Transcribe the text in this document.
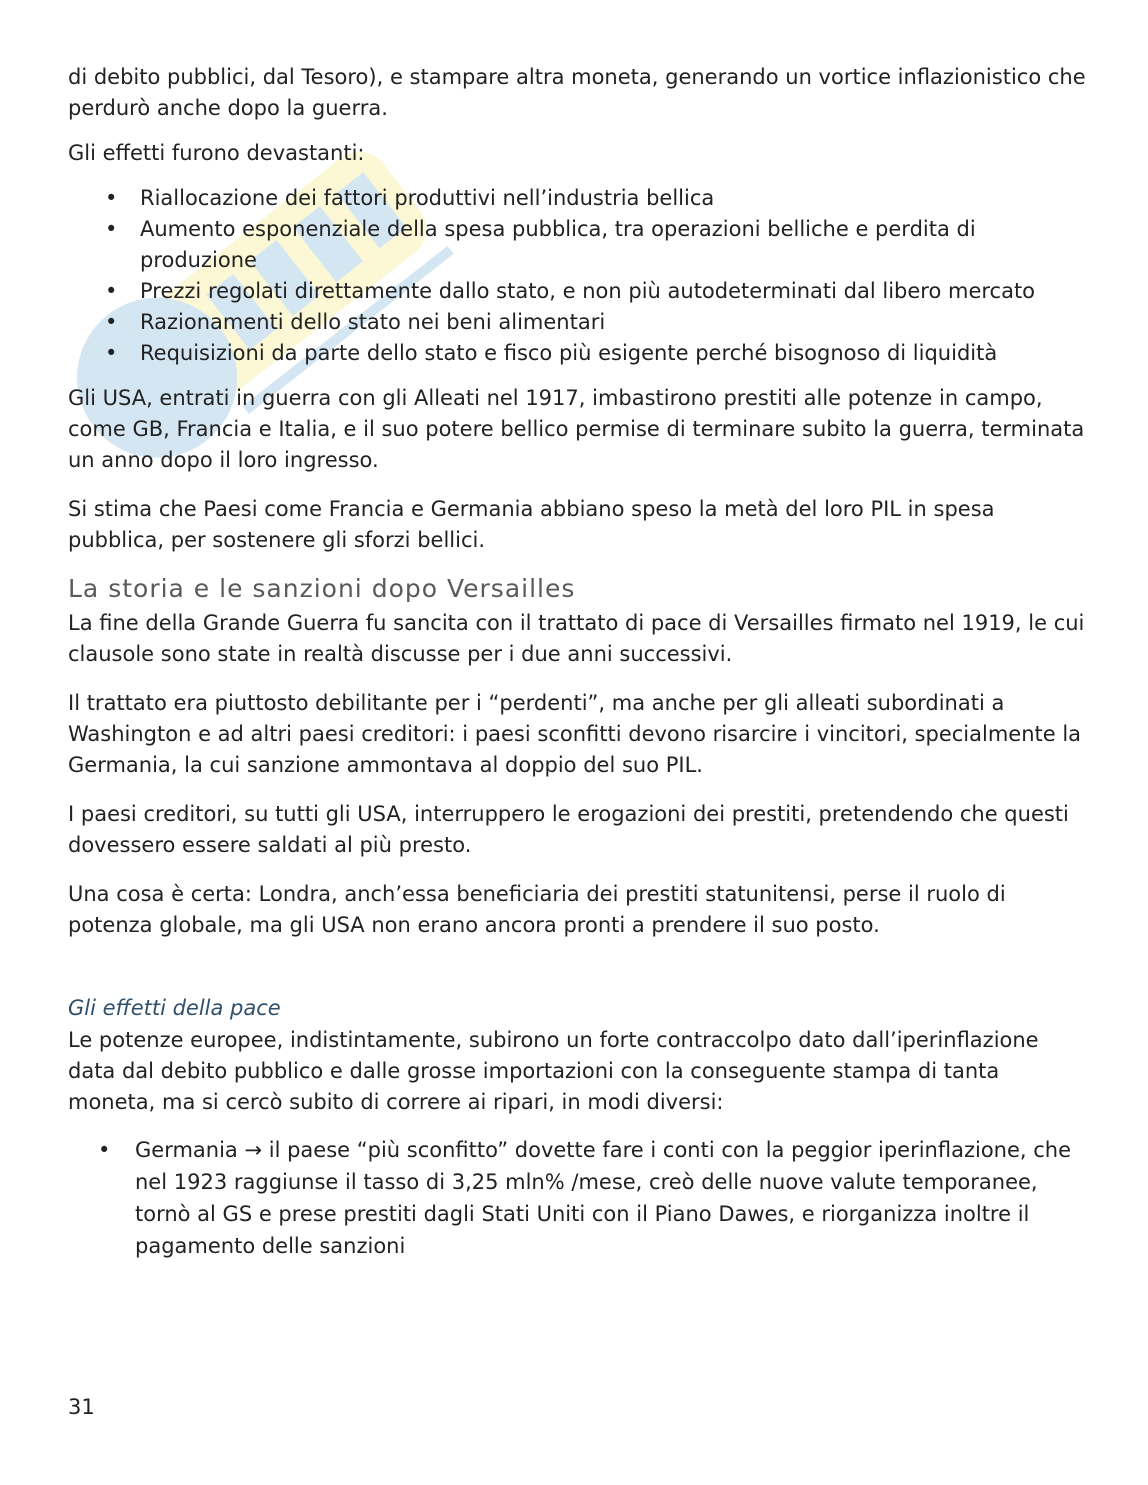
di debito pubblici, dal Tesoro), e stampare altra moneta, generando un vortice inflazionistico che perdurò anche dopo la guerra.

Gli effetti furono devastanti:

• Riallocazione dei fattori produttivi nell’industria bellica
• Aumento esponenziale della spesa pubblica, tra operazioni belliche e perdita di produzione
• Prezzi regolati direttamente dallo stato, e non più autodeterminati dal libero mercato
• Razionamenti dello stato nei beni alimentari
• Requisizioni da parte dello stato e fisco più esigente perché bisognoso di liquidità

Gli USA, entrati in guerra con gli Alleati nel 1917, imbastirono prestiti alle potenze in campo, come GB, Francia e Italia, e il suo potere bellico permise di terminare subito la guerra, terminata un anno dopo il loro ingresso.

Si stima che Paesi come Francia e Germania abbiano speso la metà del loro PIL in spesa pubblica, per sostenere gli sforzi bellici.

La storia e le sanzioni dopo Versailles

La fine della Grande Guerra fu sancita con il trattato di pace di Versailles firmato nel 1919, le cui clausole sono state in realtà discusse per i due anni successivi.

Il trattato era piuttosto debilitante per i “perdenti”, ma anche per gli alleati subordinati a Washington e ad altri paesi creditori: i paesi sconfitti devono risarcire i vincitori, specialmente la Germania, la cui sanzione ammontava al doppio del suo PIL.

I paesi creditori, su tutti gli USA, interruppero le erogazioni dei prestiti, pretendendo che questi dovessero essere saldati al più presto.

Una cosa è certa: Londra, anch’essa beneficiaria dei prestiti statunitensi, perse il ruolo di potenza globale, ma gli USA non erano ancora pronti a prendere il suo posto.

Gli effetti della pace

Le potenze europee, indistintamente, subirono un forte contraccolpo dato dall’iperinflazione data dal debito pubblico e dalle grosse importazioni con la conseguente stampa di tanta moneta, ma si cercò subito di correre ai ripari, in modi diversi:

• Germania → il paese “più sconfitto” dovette fare i conti con la peggior iperinflazione, che nel 1923 raggiunse il tasso di 3,25 mln% /mese, creò delle nuove valute temporanee, tornò al GS e prese prestiti dagli Stati Uniti con il Piano Dawes, e riorganizza inoltre il pagamento delle sanzioni
31
